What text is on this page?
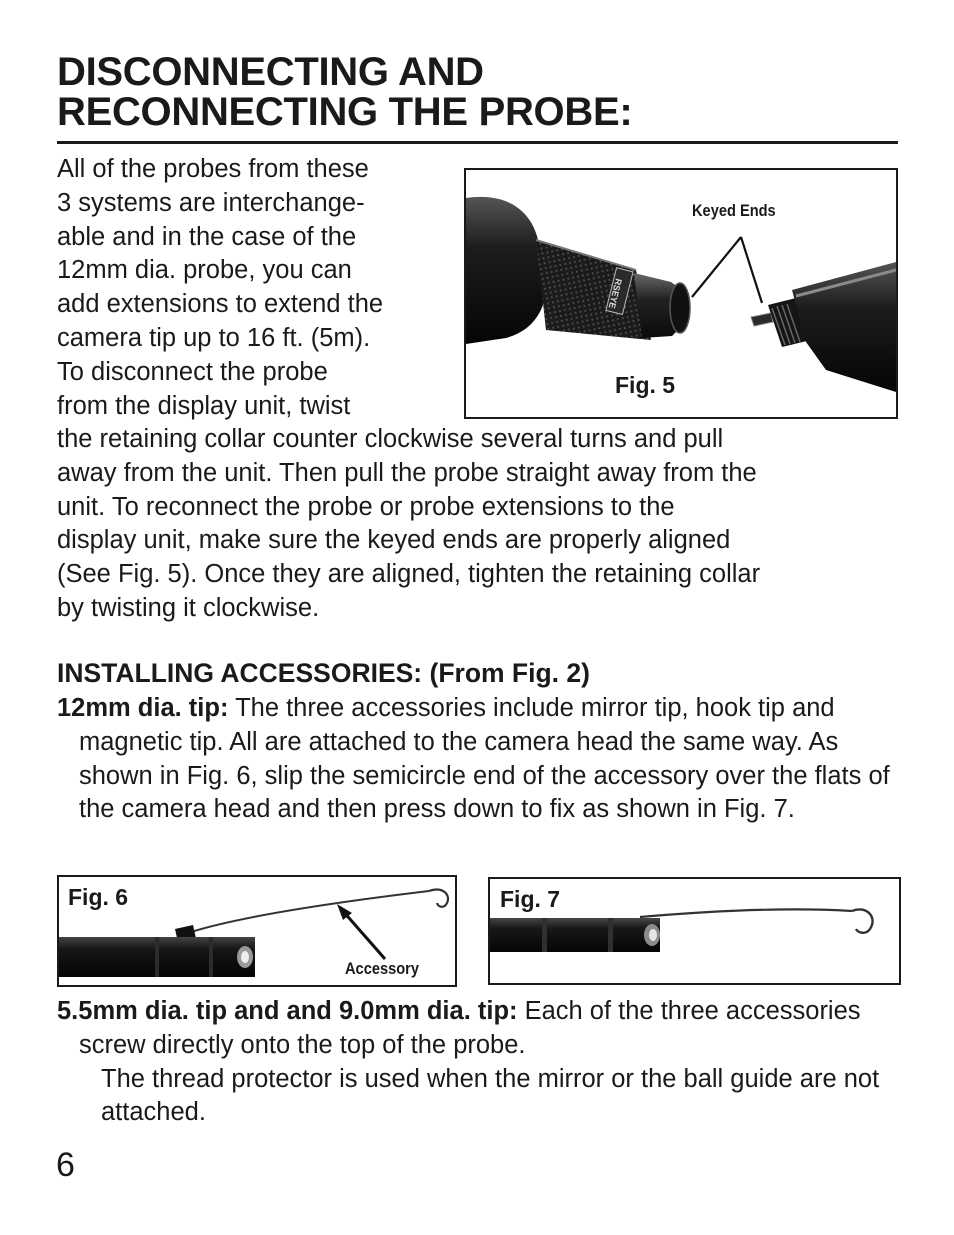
DISCONNECTING AND
RECONNECTING THE PROBE:
All of the probes from these
3 systems are interchange-
able and in the case of the
12mm dia. probe, you can
add extensions to extend the
camera tip up to 16 ft. (5m).
To disconnect the probe
from the display unit, twist
RSEYE
Keyed Ends
Fig. 5
the retaining collar counter clockwise several turns and pull
away from the unit. Then pull the probe straight away from the
unit. To reconnect the probe or probe extensions to the
display unit, make sure the keyed ends are properly aligned
(See Fig. 5). Once they are aligned, tighten the retaining collar
by twisting it clockwise.
INSTALLING ACCESSORIES: (From Fig. 2)

12mm dia. tip: The three accessories include mirror tip, hook tip and magnetic tip. All are attached to the camera head the same way. As shown in Fig. 6, slip the semicircle end of the accessory over the flats of the camera head and then press down to fix as shown in Fig. 7.

Fig. 6
Accessory
Fig. 7
5.5mm dia. tip and and 9.0mm dia. tip: Each of the three accessories screw directly onto the top of the probe.
The thread protector is used when the mirror or the ball guide are not attached.
6
